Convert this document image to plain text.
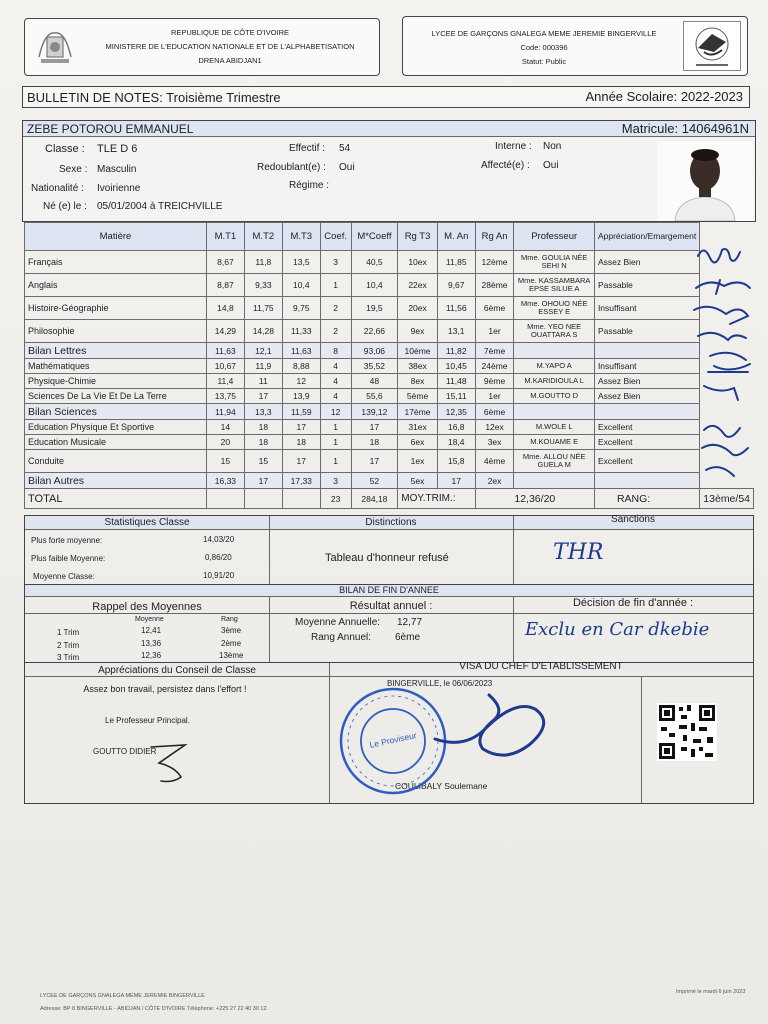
REPUBLIQUE DE CÔTE D'IVOIRE
MINISTERE DE L'EDUCATION NATIONALE ET DE L'ALPHABETISATION
DRENA ABIDJAN1
LYCEE DE GARÇONS GNALEGA MEME JEREMIE BINGERVILLE
Code: 000396
Statut: Public
BULLETIN DE NOTES: Troisième Trimestre	Année Scolaire: 2022-2023
ZEBE POTOROU EMMANUEL	Matricule: 14064961N
Classe : TLE D 6
Sexe : Masculin
Nationalité : Ivoirienne
Né (e) le : 05/01/2004 à TREICHVILLE
Effectif : 54
Redoublant(e) : Oui
Régime :
Interne : Non
Affecté(e) : Oui
Matière	M.T1	M.T2	M.T3	Coef.	M*Coeff	Rg T3	M. An	Rg An	Professeur	Appréciation/Emargement	
Français	8,67	11,8	13,5	3	40,5	10ex	11,85	12ème	Mme. GOULIA NÉE SEHI N	Assez Bien	
Anglais	8,87	9,33	10,4	1	10,4	22ex	9,67	28ème	Mme. KASSAMBARA EPSE SILUE A	Passable	
Histoire-Géographie	14,8	11,75	9,75	2	19,5	20ex	11,56	6ème	Mme. OHOUO NÉE ESSEY E	Insuffisant	
Philosophie	14,29	14,28	11,33	2	22,66	9ex	13,1	1er	Mme. YEO NEE OUATTARA S	Passable	
Bilan Lettres	11,63	12,1	11,63	8	93,06	10ème	11,82	7ème			
Mathématiques	10,67	11,9	8,88	4	35,52	38ex	10,45	24ème	M.YAPO A	Insuffisant	
Physique-Chimie	11,4	11	12	4	48	8ex	11,48	9ème	M.KARIDIOULA L	Assez Bien	
Sciences De La Vie Et De La Terre	13,75	17	13,9	4	55,6	5ème	15,11	1er	M.GOUTTO D	Assez Bien	
Bilan Sciences	11,94	13,3	11,59	12	139,12	17ème	12,35	6ème			
Education Physique Et Sportive	14	18	17	1	17	31ex	16,8	12ex	M.WOLE L	Excellent	
Education Musicale	20	18	18	1	18	6ex	18,4	3ex	M.KOUAME E	Excellent	
Conduite	15	15	17	1	17	1ex	15,8	4ème	Mme. ALLOU NÉE GUELA M	Excellent	
Bilan Autres	16,33	17	17,33	3	52	5ex	17	2ex			
TOTAL				23	284,18	MOY.TRIM.:		12,36/20		RANG:	13ème/54
Statistiques Classe	Distinctions	Sanctions
Plus forte moyenne:	14,03/20
Plus faible Moyenne:	0,86/20
Moyenne Classe:	10,91/20
Tableau d'honneur refusé	THR
BILAN DE FIN D'ANNEE
Rappel des Moyennes
Moyenne	Rang
1 Trim	12,41	3ème
2 Trim	13,36	2ème
3 Trim	12,36	13ème
Résultat annuel :
Moyenne Annuelle: 12,77
Rang Annuel: 6ème
Décision de fin d'année :
Exclu en Car dkebie
Appréciations du Conseil de Classe	VISA DU CHEF D'ETABLISSEMENT
Assez bon travail, persistez dans l'effort !
Le Professeur Principal.
GOUTTO DIDIER
BINGERVILLE, le 06/06/2023
COULIBALY Soulemane
Le Proviseur
LYCEE DE GARÇONS GNALEGA MEME JEREMIE BINGERVILLE
Adresse: BP 8 BINGERVILLE - ABIDJAN / CÔTE D'IVOIRE Téléphone: +225 27 22 40 30 12
Imprimé le mardi 6 juin 2023
